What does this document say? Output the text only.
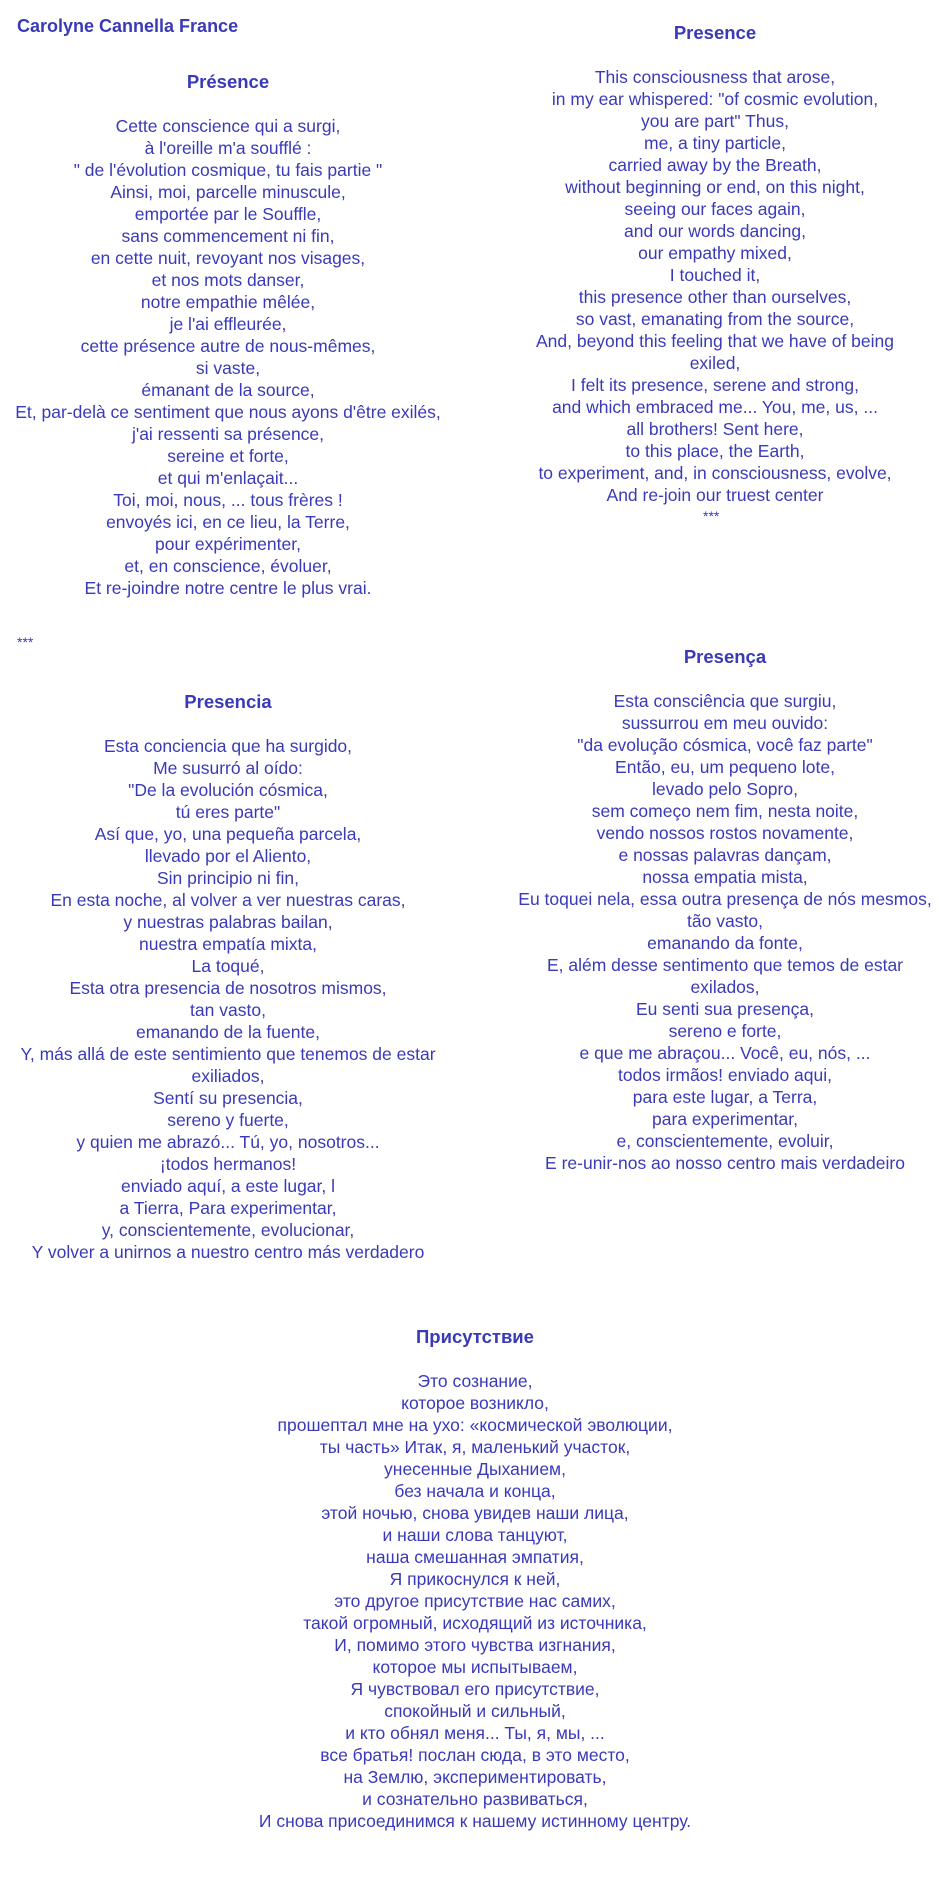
Carolyne Cannella France
Présence
Cette conscience qui a surgi,
à l'oreille m'a soufflé :
" de l'évolution cosmique, tu fais partie "
Ainsi, moi, parcelle minuscule,
emportée par le Souffle,
sans commencement ni fin,
en cette nuit, revoyant nos visages,
et nos mots danser,
notre empathie mêlée,
je l'ai effleurée,
cette présence autre de nous-mêmes,
si vaste,
émanant de la source,
Et, par-delà ce sentiment que nous ayons d'être exilés,
j'ai ressenti sa présence,
sereine et forte,
et qui m'enlaçait...
Toi, moi, nous, ... tous frères !
envoyés ici, en ce lieu, la Terre,
pour expérimenter,
et, en conscience, évoluer,
Et re-joindre notre centre le plus vrai.
***
Presence
This consciousness that arose,
in my ear whispered: "of cosmic evolution,
you are part" Thus,
me, a tiny particle,
carried away by the Breath,
without beginning or end, on this night,
seeing our faces again,
and our words dancing,
our empathy mixed,
I touched it,
this presence other than ourselves,
so vast, emanating from the source,
And, beyond this feeling that we have of being exiled,
I felt its presence, serene and strong,
and which embraced me... You, me, us, ...
all brothers! Sent here,
to this place, the Earth,
to experiment, and, in consciousness, evolve,
And re-join our truest center
***
Presencia
Esta conciencia que ha surgido,
Me susurró al oído:
"De la evolución cósmica,
tú eres parte"
Así que, yo, una pequeña parcela,
llevado por el Aliento,
Sin principio ni fin,
En esta noche, al volver a ver nuestras caras,
y nuestras palabras bailan,
nuestra empatía mixta,
La toqué,
Esta otra presencia de nosotros mismos,
tan vasto,
emanando de la fuente,
Y, más allá de este sentimiento que tenemos de estar exiliados,
Sentí su presencia,
sereno y fuerte,
y quien me abrazó... Tú, yo, nosotros...
¡todos hermanos!
enviado aquí, a este lugar, l
a Tierra, Para experimentar,
y, conscientemente, evolucionar,
Y volver a unirnos a nuestro centro más verdadero
Presença
Esta consciência que surgiu,
sussurrou em meu ouvido:
"da evolução cósmica, você faz parte"
Então, eu, um pequeno lote,
levado pelo Sopro,
sem começo nem fim, nesta noite,
vendo nossos rostos novamente,
e nossas palavras dançam,
nossa empatia mista,
Eu toquei nela, essa outra presença de nós mesmos,
tão vasto,
emanando da fonte,
E, além desse sentimento que temos de estar exilados,
Eu senti sua presença,
sereno e forte,
e que me abraçou... Você, eu, nós, ...
todos irmãos! enviado aqui,
para este lugar, a Terra,
para experimentar,
e, conscientemente, evoluir,
E re-unir-nos ao nosso centro mais verdadeiro
Присутствие
Это сознание,
которое возникло,
прошептал мне на ухо: «космической эволюции,
ты часть» Итак, я, маленький участок,
унесенные Дыханием,
без начала и конца,
этой ночью, снова увидев наши лица,
и наши слова танцуют,
наша смешанная эмпатия,
Я прикоснулся к ней,
это другое присутствие нас самих,
такой огромный, исходящий из источника,
И, помимо этого чувства изгнания,
которое мы испытываем,
Я чувствовал его присутствие,
спокойный и сильный,
и кто обнял меня... Ты, я, мы, ...
все братья! послан сюда, в это место,
на Землю, экспериментировать,
и сознательно развиваться,
И снова присоединимся к нашему истинному центру.
